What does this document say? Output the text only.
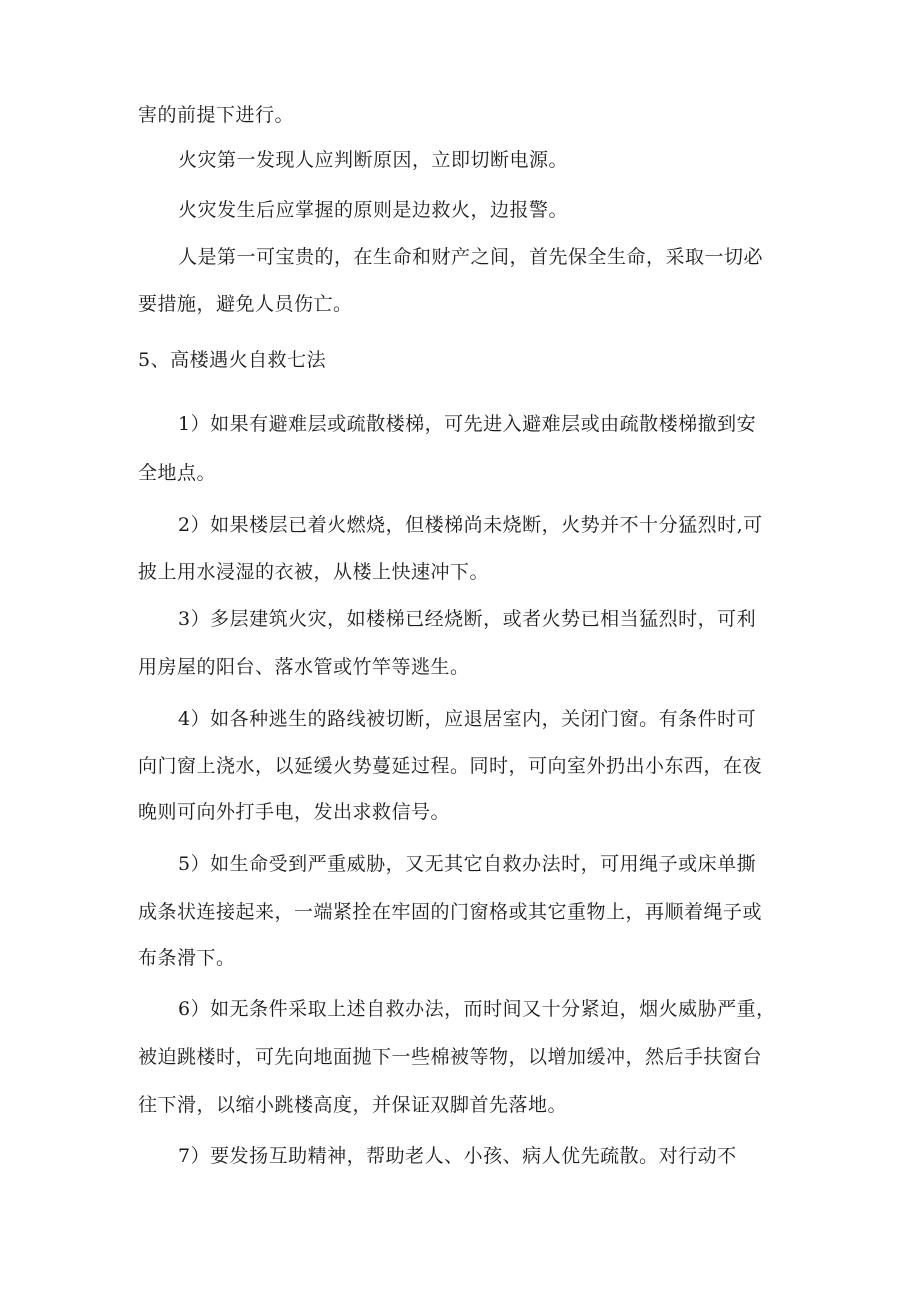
害的前提下进行。
火灾第一发现人应判断原因，立即切断电源。
火灾发生后应掌握的原则是边救火，边报警。
人是第一可宝贵的，在生命和财产之间，首先保全生命，采取一切必
要措施，避免人员伤亡。
5、高楼遇火自救七法
1）如果有避难层或疏散楼梯，可先进入避难层或由疏散楼梯撤到安
全地点。
2）如果楼层已着火燃烧，但楼梯尚未烧断，火势并不十分猛烈时,可
披上用水浸湿的衣被，从楼上快速冲下。
3）多层建筑火灾，如楼梯已经烧断，或者火势已相当猛烈时，可利
用房屋的阳台、落水管或竹竿等逃生。
4）如各种逃生的路线被切断，应退居室内，关闭门窗。有条件时可
向门窗上浇水，以延缓火势蔓延过程。同时，可向室外扔出小东西，在夜
晚则可向外打手电，发出求救信号。
5）如生命受到严重威胁，又无其它自救办法时，可用绳子或床单撕
成条状连接起来，一端紧拴在牢固的门窗格或其它重物上，再顺着绳子或
布条滑下。
6）如无条件采取上述自救办法，而时间又十分紧迫，烟火威胁严重，
被迫跳楼时，可先向地面抛下一些棉被等物，以增加缓冲，然后手扶窗台
往下滑，以缩小跳楼高度，并保证双脚首先落地。
7）要发扬互助精神，帮助老人、小孩、病人优先疏散。对行动不
